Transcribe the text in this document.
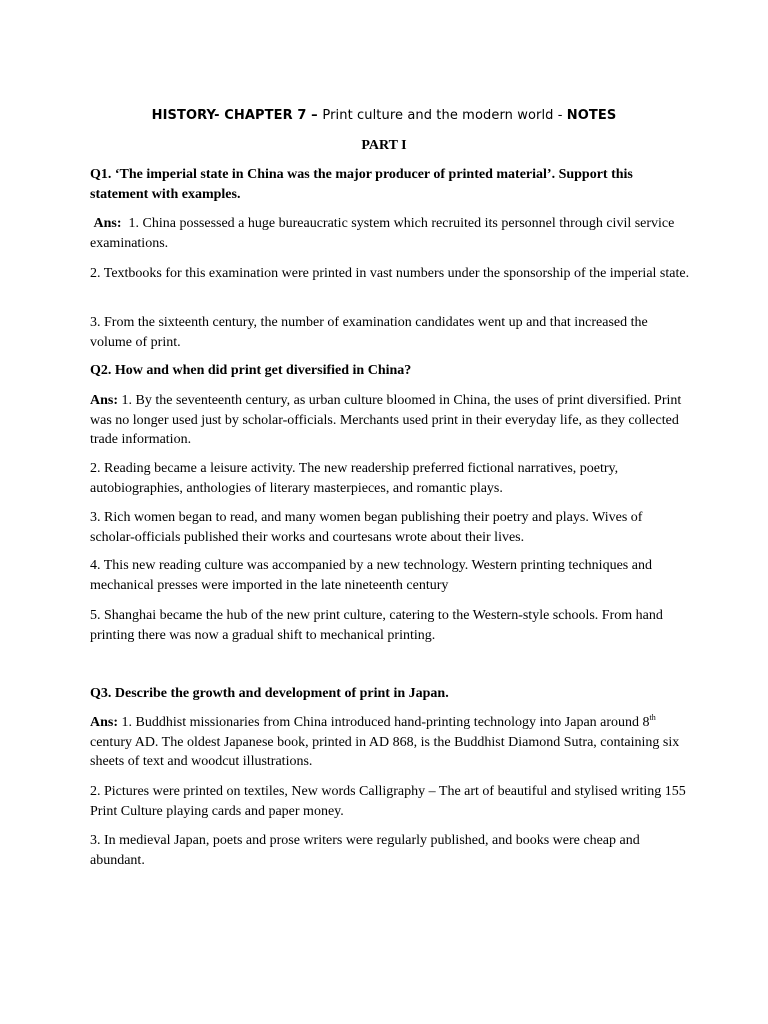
HISTORY- CHAPTER 7 – Print culture and the modern world - NOTES
PART I
Q1. ‘The imperial state in China was the major producer of printed material’. Support this statement with examples.
Ans: 1. China possessed a huge bureaucratic system which recruited its personnel through civil service examinations.
2. Textbooks for this examination were printed in vast numbers under the sponsorship of the imperial state.
3. From the sixteenth century, the number of examination candidates went up and that increased the volume of print.
Q2. How and when did print get diversified in China?
Ans: 1. By the seventeenth century, as urban culture bloomed in China, the uses of print diversified. Print was no longer used just by scholar-officials. Merchants used print in their everyday life, as they collected trade information.
2. Reading became a leisure activity. The new readership preferred fictional narratives, poetry, autobiographies, anthologies of literary masterpieces, and romantic plays.
3. Rich women began to read, and many women began publishing their poetry and plays. Wives of scholar-officials published their works and courtesans wrote about their lives.
4. This new reading culture was accompanied by a new technology. Western printing techniques and mechanical presses were imported in the late nineteenth century
5. Shanghai became the hub of the new print culture, catering to the Western-style schools. From hand printing there was now a gradual shift to mechanical printing.
Q3. Describe the growth and development of print in Japan.
Ans: 1. Buddhist missionaries from China introduced hand-printing technology into Japan around 8th century AD. The oldest Japanese book, printed in AD 868, is the Buddhist Diamond Sutra, containing six sheets of text and woodcut illustrations.
2. Pictures were printed on textiles, New words Calligraphy – The art of beautiful and stylised writing 155 Print Culture playing cards and paper money.
3. In medieval Japan, poets and prose writers were regularly published, and books were cheap and abundant.
